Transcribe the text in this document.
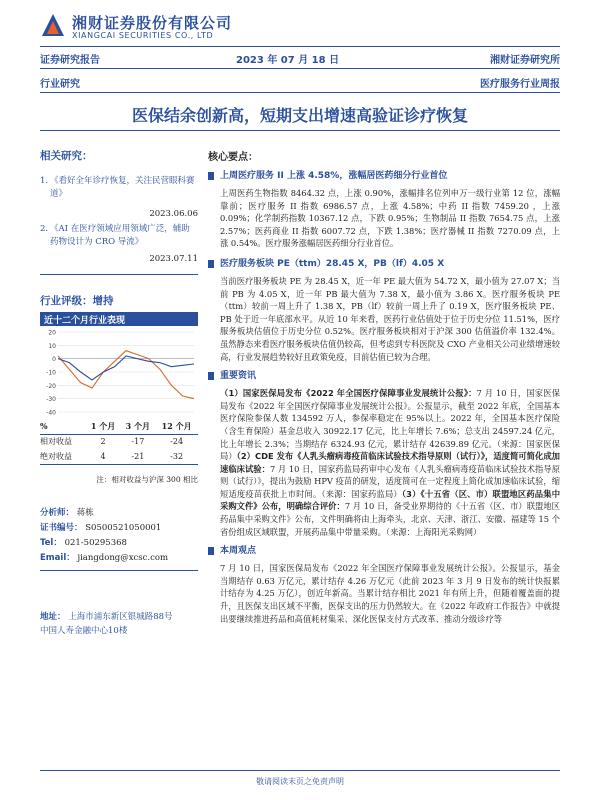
湘财证券股份有限公司
XIANGCAI SECURITIES CO., LTD
证券研究报告	2023 年 07 月 18 日	湘财证券研究所
行业研究	医疗服务行业周报
医保结余创新高，短期支出增速高验证诊疗恢复
相关研究：
1. 《看好全年诊疗恢复，关注民营眼科赛道》
2023.06.06
2. 《AI 在医疗领域应用领域广泛，辅助药物设计为 CRO 导流》
2023.07.11
行业评级：增持
近十二个月行业表现
20
10
0
-10
-20
-30
-40
%	1 个月	3 个月	12 个月
相对收益	2	-17	-24
绝对收益	4	-21	-32
注：相对收益与沪深 300 相比
分析师： 蒋栋
证书编号： S0500521050001
Tel： 021-50295368
Email： jiangdong@xcsc.com
地址： 上海市浦东新区银城路88号
中国人寿金融中心10楼
核心要点：
上周医疗服务 II 上涨 4.58%，涨幅居医药细分行业首位
上周医药生物指数 8464.32 点，上涨 0.90%，涨幅排名位列申万一级行业第 12 位，涨幅靠前；医疗服务 II 指数 6986.57 点，上涨 4.58%；中药 II 指数 7459.20 ，上涨 0.09%；化学制药指数 10367.12 点，下跌 0.95%；生物制品 II 指数 7654.75 点，上涨 2.57%；医药商业 II 指数 6007.72 点，下跌 1.38%；医疗器械 II 指数 7270.09 点，上涨 0.54%。医疗服务涨幅居医药细分行业首位。
医疗服务板块 PE（ttm）28.45 X，PB（lf）4.05 X
当前医疗服务板块 PE 为 28.45 X，近一年 PE 最大值为 54.72 X，最小值为 27.07 X；当前 PB 为 4.05 X，近一年 PB 最大值为 7.38 X，最小值为 3.86 X。医疗服务板块 PE（ttm）较前一周上升了 1.38 X，PB（lf）较前一周上升了 0.19 X，医疗服务板块 PE、PB 处于近一年底部水平。从近 10 年来看，医药行业估值处于位于历史分位 11.51%，医疗服务板块估值位于历史分位 0.52%。医疗服务板块相对于沪深 300 估值溢价率 132.4%。虽然静态来看医疗服务板块估值仍较高，但考虑到专科医院及 CXO 产业相关公司业绩增速较高，行业发展趋势较好且政策免疫，目前估值已较为合理。
重要资讯
（1）国家医保局发布《2022 年全国医疗保障事业发展统计公报》：7 月 10 日，国家医保局发布《2022 年全国医疗保障事业发展统计公报》。公报显示，截至 2022 年底，全国基本医疗保险参保人数 134592 万人，参保率稳定在 95%以上。2022 年，全国基本医疗保险（含生育保险）基金总收入 30922.17 亿元，比上年增长 7.6%；总支出 24597.24 亿元，比上年增长 2.3%；当期结存 6324.93 亿元，累计结存 42639.89 亿元。（来源：国家医保局）（2）CDE 发布《人乳头瘤病毒疫苗临床试验技术指导原则（试行）》，适度简可简化成加速临床试验：7 月 10 日，国家药监局药审中心发布《人乳头瘤病毒疫苗临床试验技术指导原则（试行）》，提出为鼓励 HPV 疫苗的研发，适度简可在一定程度上简化成加速临床试验，缩短适度疫苗获批上市时间。（来源：国家药监局）（3）《十五省（区、市）联盟地区药品集中采购文件》公布，明确综合评价：7 月 10 日，备受业界期待的《十五省（区、市）联盟地区药品集中采购文件》公布，文件明确将由上海牵头，北京、天津、浙江、安徽、福建等 15 个省份组成区域联盟，开展药品集中带量采购。（来源：上海阳光采购网）
本周观点
7 月 10 日，国家医保局发布《2022 年全国医疗保障事业发展统计公报》。公报显示，基金当期结存 0.63 万亿元，累计结存 4.26 万亿元（此前 2023 年 3 月 9 日发布的统计快报累计结存为 4.25 万亿），创近年新高。当累计结存相比 2021 年有所上升，但随着覆盖面的提升，且医保支出区域不平衡，医保支出的压力仍然较大。在《2022 年政府工作报告》中就提出要继续推进药品和高值耗材集采、深化医保支付方式改革、推动分级诊疗等
敬请阅读末页之免责声明
